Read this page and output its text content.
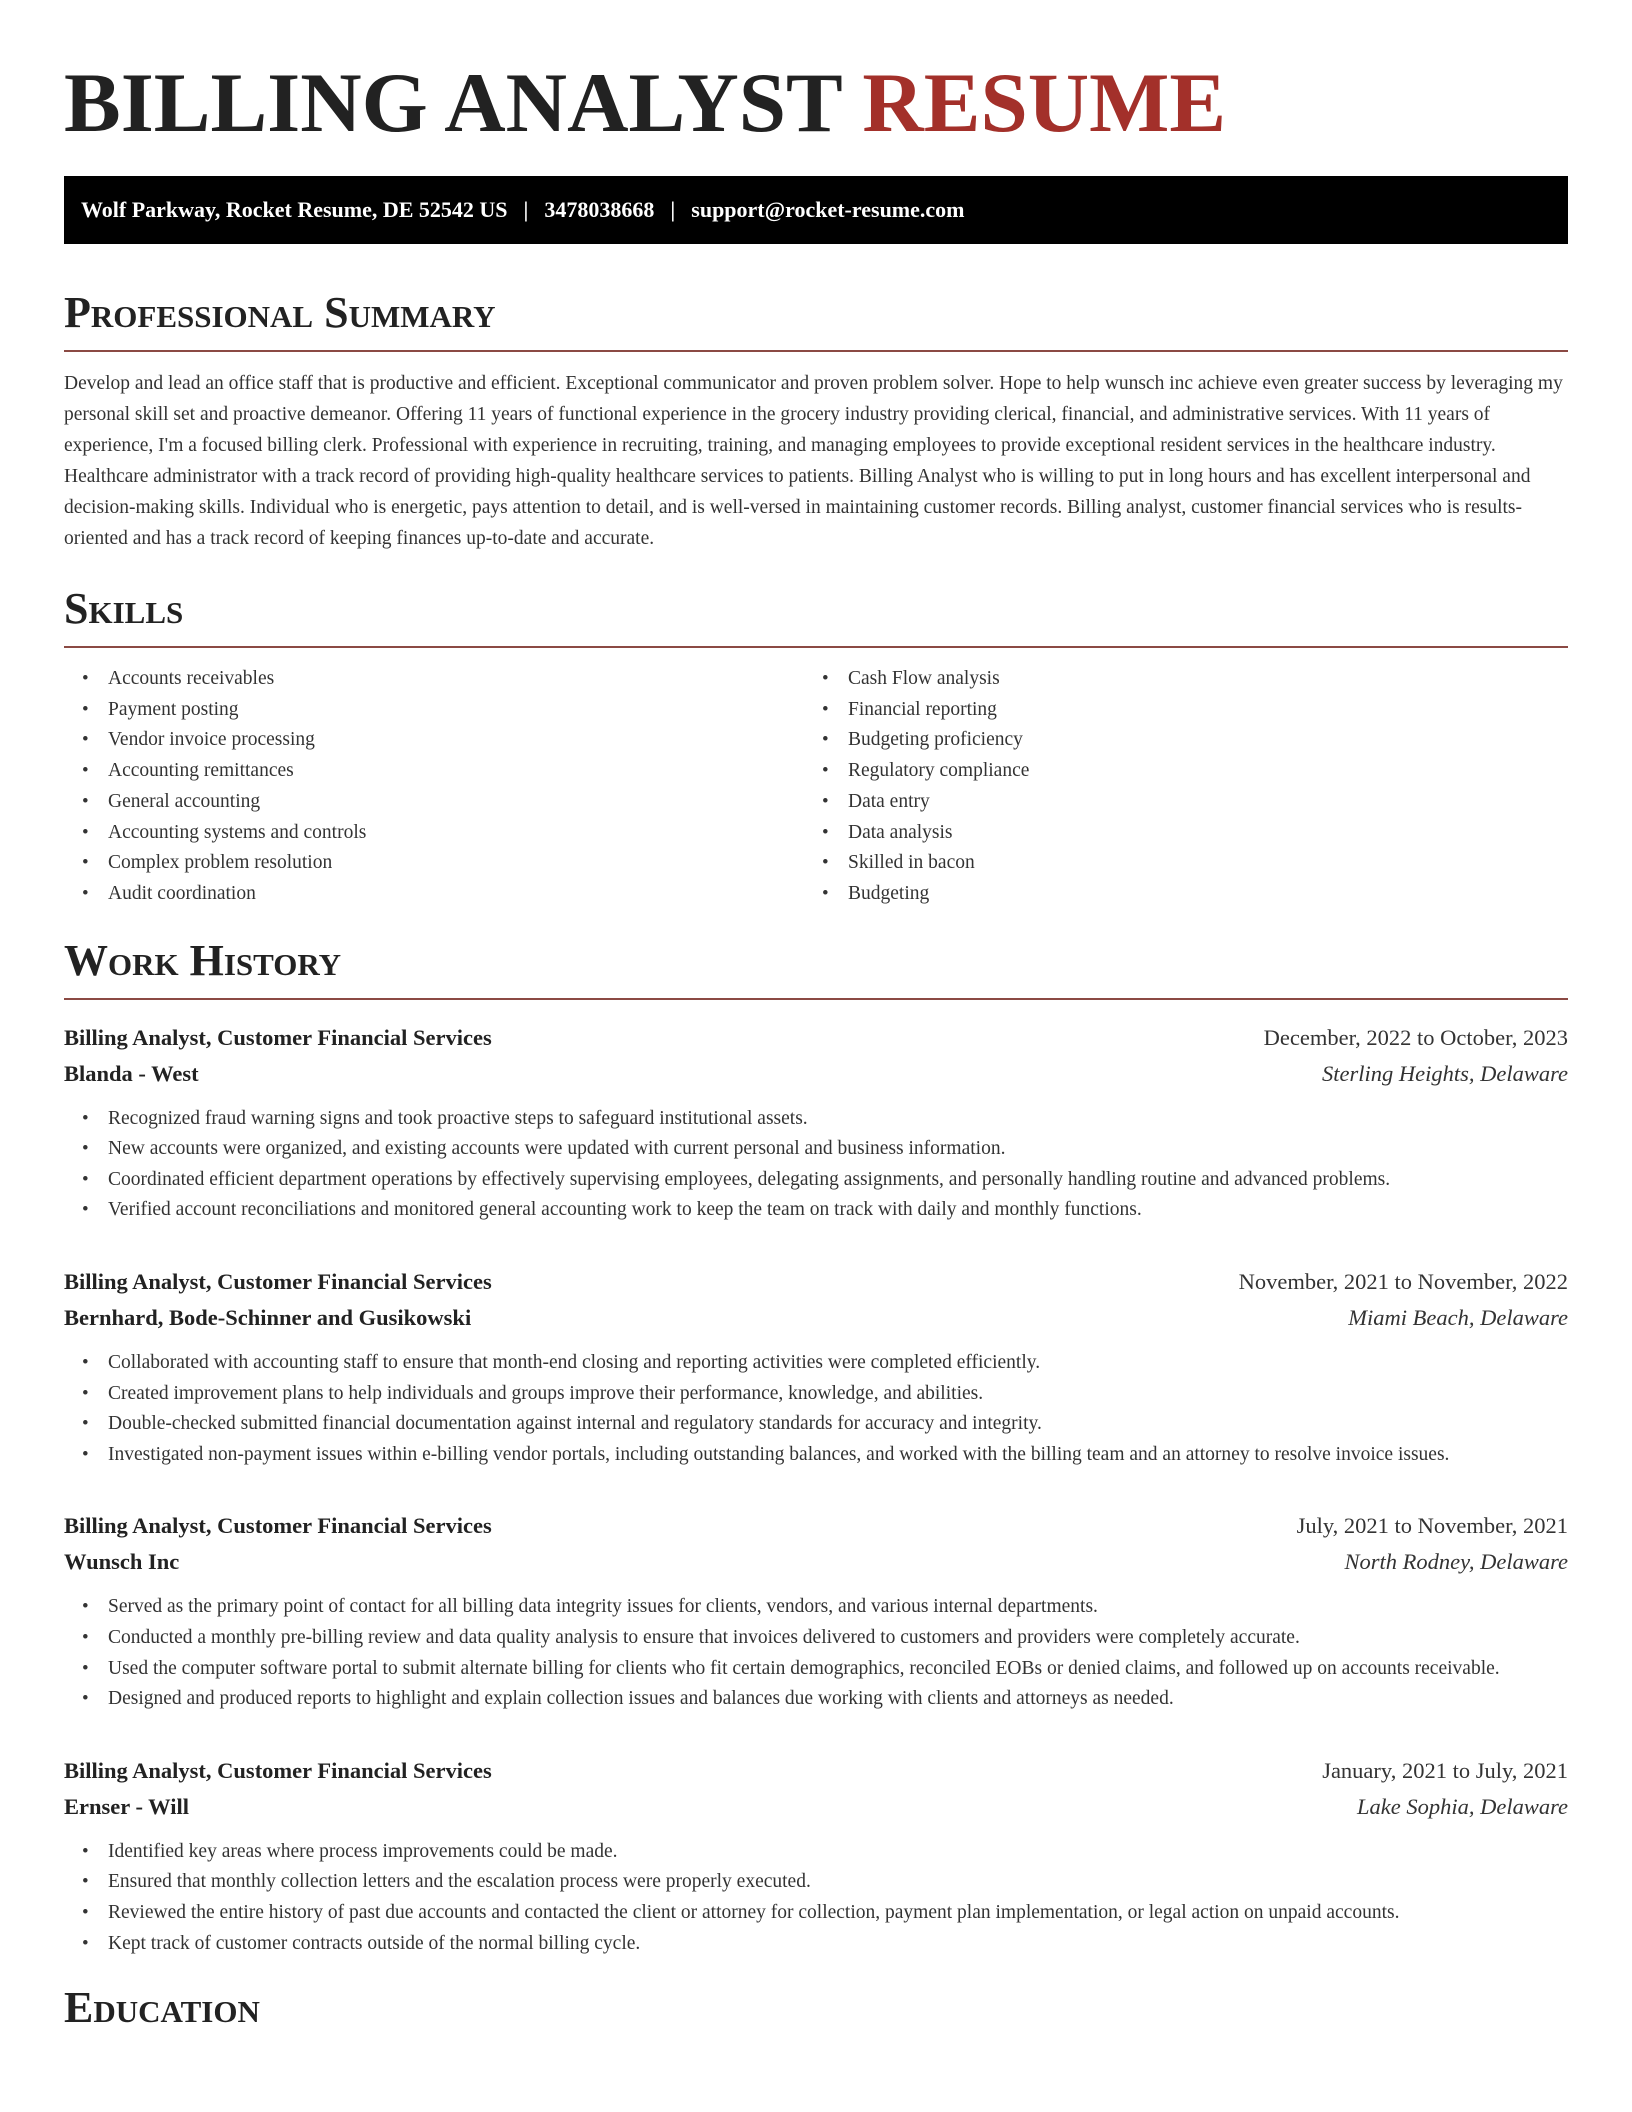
BILLING ANALYST RESUME
Wolf Parkway, Rocket Resume, DE 52542 US | 3478038668 | support@rocket-resume.com
Professional Summary

Develop and lead an office staff that is productive and efficient. Exceptional communicator and proven problem solver. Hope to help wunsch inc achieve even greater success by leveraging my personal skill set and proactive demeanor. Offering 11 years of functional experience in the grocery industry providing clerical, financial, and administrative services. With 11 years of experience, I'm a focused billing clerk. Professional with experience in recruiting, training, and managing employees to provide exceptional resident services in the healthcare industry. Healthcare administrator with a track record of providing high-quality healthcare services to patients. Billing Analyst who is willing to put in long hours and has excellent interpersonal and decision-making skills. Individual who is energetic, pays attention to detail, and is well-versed in maintaining customer records. Billing analyst, customer financial services who is results-oriented and has a track record of keeping finances up-to-date and accurate.

Skills
• Accounts receivables
• Payment posting
• Vendor invoice processing
• Accounting remittances
• General accounting
• Accounting systems and controls
• Complex problem resolution
• Audit coordination
• Cash Flow analysis
• Financial reporting
• Budgeting proficiency
• Regulatory compliance
• Data entry
• Data analysis
• Skilled in bacon
• Budgeting
Work History
Billing Analyst, Customer Financial Services	December, 2022 to October, 2023
Blanda - West	Sterling Heights, Delaware
• Recognized fraud warning signs and took proactive steps to safeguard institutional assets.
• New accounts were organized, and existing accounts were updated with current personal and business information.
• Coordinated efficient department operations by effectively supervising employees, delegating assignments, and personally handling routine and advanced problems.
• Verified account reconciliations and monitored general accounting work to keep the team on track with daily and monthly functions.
Billing Analyst, Customer Financial Services	November, 2021 to November, 2022
Bernhard, Bode-Schinner and Gusikowski	Miami Beach, Delaware
• Collaborated with accounting staff to ensure that month-end closing and reporting activities were completed efficiently.
• Created improvement plans to help individuals and groups improve their performance, knowledge, and abilities.
• Double-checked submitted financial documentation against internal and regulatory standards for accuracy and integrity.
• Investigated non-payment issues within e-billing vendor portals, including outstanding balances, and worked with the billing team and an attorney to resolve invoice issues.
Billing Analyst, Customer Financial Services	July, 2021 to November, 2021
Wunsch Inc	North Rodney, Delaware
• Served as the primary point of contact for all billing data integrity issues for clients, vendors, and various internal departments.
• Conducted a monthly pre-billing review and data quality analysis to ensure that invoices delivered to customers and providers were completely accurate.
• Used the computer software portal to submit alternate billing for clients who fit certain demographics, reconciled EOBs or denied claims, and followed up on accounts receivable.
• Designed and produced reports to highlight and explain collection issues and balances due working with clients and attorneys as needed.
Billing Analyst, Customer Financial Services	January, 2021 to July, 2021
Ernser - Will	Lake Sophia, Delaware
• Identified key areas where process improvements could be made.
• Ensured that monthly collection letters and the escalation process were properly executed.
• Reviewed the entire history of past due accounts and contacted the client or attorney for collection, payment plan implementation, or legal action on unpaid accounts.
• Kept track of customer contracts outside of the normal billing cycle.
Education
